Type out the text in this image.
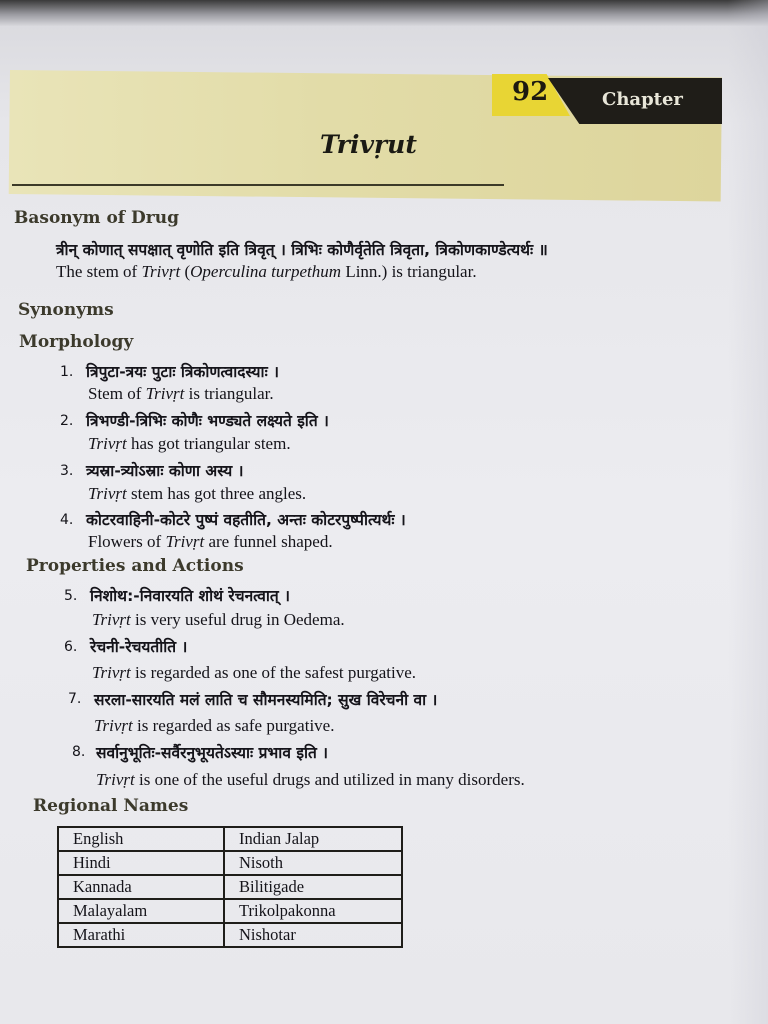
92	Chapter
Trivṛut
Basonym of Drug
त्रीन् कोणात् सपक्षात् वृणोति इति त्रिवृत् । त्रिभिः कोणैर्वृतेति त्रिवृता, त्रिकोणकाण्डेत्यर्थः ॥
The stem of Trivṛt (Operculina turpethum Linn.) is triangular.
Synonyms
Morphology
1. त्रिपुटा-त्रयः पुटाः त्रिकोणत्वादस्याः ।
Stem of Trivṛt is triangular.
2. त्रिभण्डी-त्रिभिः कोणैः भण्ड्यते लक्ष्यते इति ।
Trivṛt has got triangular stem.
3. त्र्यस्रा-त्र्योऽस्राः कोणा अस्य ।
Trivṛt stem has got three angles.
4. कोटरवाहिनी-कोटरे पुष्पं वहतीति, अन्तः कोटरपुष्पीत्यर्थः ।
Flowers of Trivṛt are funnel shaped.
Properties and Actions
5. निशोथ:-निवारयति शोथं रेचनत्वात् ।
Trivṛt is very useful drug in Oedema.
6. रेचनी-रेचयतीति ।
Trivṛt is regarded as one of the safest purgative.
7. सरला-सारयति मलं लाति च सौमनस्यमिति; सुख विरेचनी वा ।
Trivṛt is regarded as safe purgative.
8. सर्वानुभूतिः-सर्वैरनुभूयतेऽस्याः प्रभाव इति ।
Trivṛt is one of the useful drugs and utilized in many disorders.
Regional Names
English	Indian Jalap
Hindi	Nisoth
Kannada	Bilitigade
Malayalam	Trikolpakonna
Marathi	Nishotar
